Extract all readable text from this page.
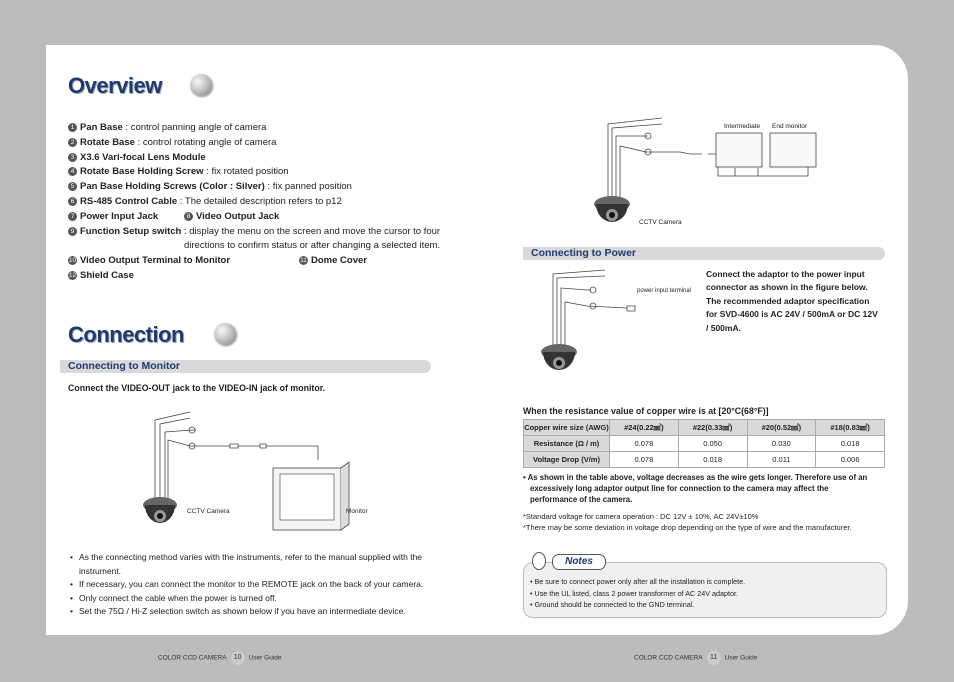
Overview
1 Pan Base : control panning angle of camera
2 Rotate Base : control rotating angle of camera
3 X3.6 Vari-focal Lens Module
4 Rotate Base Holding Screw : fix rotated position
5 Pan Base Holding Screws (Color : Silver) : fix panned position
6 RS-485 Control Cable : The detailed description refers to p12
7 Power Input Jack	8 Video Output Jack
9 Function Setup switch : display the menu on the screen and move the cursor to four
directions to confirm status or after changing a selected item.
10 Video Output Terminal to Monitor	11 Dome Cover
12 Shield Case
Connection
Connecting to Monitor
Connect the VIDEO-OUT jack to the VIDEO-IN jack of monitor.
CCTV Camera	Monitor
• As the connecting method varies with the instruments, refer to the manual supplied with the
instrument.
• If necessary, you can connect the monitor to the REMOTE jack on the back of your camera.
• Only connect the cable when the power is turned off.
• Set the 75Ω / Hi-Z selection switch as shown below if you have an intermediate device.
Intermediate End monitor
CCTV Camera
Connecting to Power
power input terminal
Connect the adaptor to the power input
connector as shown in the figure below.
The recommended adaptor specification
for SVD-4600 is AC 24V / 500mA or DC 12V
/ 500mA.
When the resistance value of copper wire is at [20°C(68°F)]
Copper wire size (AWG)	#24(0.22㎟)	#22(0.33㎟)	#20(0.52㎟)	#18(0.83㎟)
Resistance (Ω / m)	0.078	0.050	0.030	0.018
Voltage Drop (V/m)	0.078	0.018	0.011	0.006
• As shown in the table above, voltage decreases as the wire gets longer. Therefore use of an
excessively long adaptor output line for connection to the camera may affect the
performance of the camera.
*Standard voltage for camera operation : DC 12V ± 10%, AC 24V±10%
*There may be some deviation in voltage drop depending on the type of wire and the manufacturer.
Notes
• Be sure to connect power only after all the installation is complete.
• Use the UL listed, class 2 power transformer of AC 24V adaptor.
• Ground should be connected to the GND terminal.
COLOR CCD CAMERA 10 User Guide	COLOR CCD CAMERA 11 User Guide
